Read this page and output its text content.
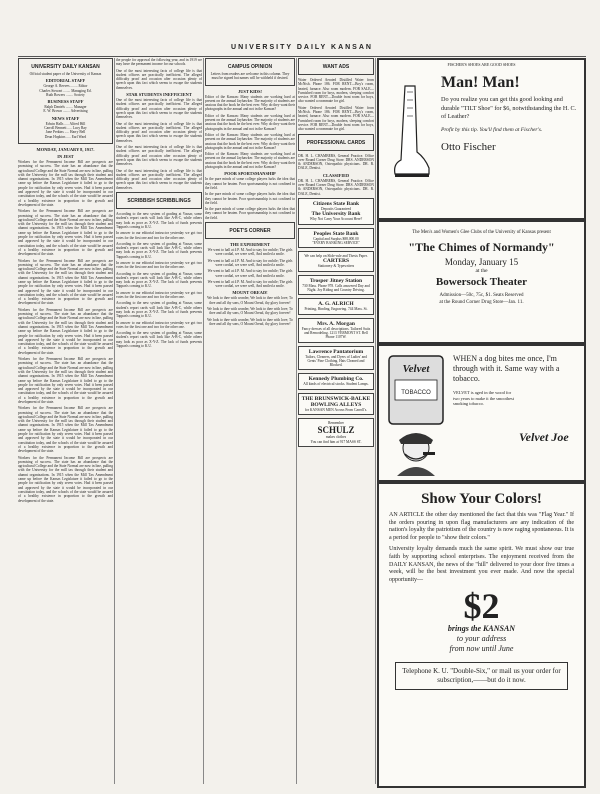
UNIVERSITY DAILY KANSAN
UNIVERSITY DAILY KANSAN

Official student paper of the University of Kansas

EDITORIAL STAFF

George A. Reeves ........ Editor
Charles Stewart ........ Managing Ed.
Ruth Bowers ........ Society

BUSINESS STAFF

Ralph Daniels ........ Manager
E. W. Brown ........ Advertising

NEWS STAFF

Edwin Halls ..... Alfred Hill
Carroll Bennett ..... Lucy Ray
Jane Perkins ..... Harry Bell
Dean Hopkins ..... Earl Ward

MONDAY, JANUARY 8, 1917.
IN JEST

Workers for the Permanent Income Bill are prospects are promising of success. The state has an abundance that the agricultural College and the State Normal are now in line, pulling with the University for the mill tax through their student and alumni organizations. In 1915 when the Mill Tax Amendment came up before the Kansas Legislature it failed to go to the people for ratification by only seven votes. Had it been passed and approved by the state it would be incorporated in our constitution today, and the schools of the state would be assured of a healthy existence in proportion to the growth and development of the state.

Workers for the Permanent Income Bill are prospects are promising of success. The state has an abundance that the agricultural College and the State Normal are now in line, pulling with the University for the mill tax through their student and alumni organizations. In 1915 when the Mill Tax Amendment came up before the Kansas Legislature it failed to go to the people for ratification by only seven votes. Had it been passed and approved by the state it would be incorporated in our constitution today, and the schools of the state would be assured of a healthy existence in proportion to the growth and development of the state.

Workers for the Permanent Income Bill are prospects are promising of success. The state has an abundance that the agricultural College and the State Normal are now in line, pulling with the University for the mill tax through their student and alumni organizations. In 1915 when the Mill Tax Amendment came up before the Kansas Legislature it failed to go to the people for ratification by only seven votes. Had it been passed and approved by the state it would be incorporated in our constitution today, and the schools of the state would be assured of a healthy existence in proportion to the growth and development of the state.

Workers for the Permanent Income Bill are prospects are promising of success. The state has an abundance that the agricultural College and the State Normal are now in line, pulling with the University for the mill tax through their student and alumni organizations. In 1915 when the Mill Tax Amendment came up before the Kansas Legislature it failed to go to the people for ratification by only seven votes. Had it been passed and approved by the state it would be incorporated in our constitution today, and the schools of the state would be assured of a healthy existence in proportion to the growth and development of the state.

Workers for the Permanent Income Bill are prospects are promising of success. The state has an abundance that the agricultural College and the State Normal are now in line, pulling with the University for the mill tax through their student and alumni organizations. In 1915 when the Mill Tax Amendment came up before the Kansas Legislature it failed to go to the people for ratification by only seven votes. Had it been passed and approved by the state it would be incorporated in our constitution today, and the schools of the state would be assured of a healthy existence in proportion to the growth and development of the state.

Workers for the Permanent Income Bill are prospects are promising of success. The state has an abundance that the agricultural College and the State Normal are now in line, pulling with the University for the mill tax through their student and alumni organizations. In 1915 when the Mill Tax Amendment came up before the Kansas Legislature it failed to go to the people for ratification by only seven votes. Had it been passed and approved by the state it would be incorporated in our constitution today, and the schools of the state would be assured of a healthy existence in proportion to the growth and development of the state.

Workers for the Permanent Income Bill are prospects are promising of success. The state has an abundance that the agricultural College and the State Normal are now in line, pulling with the University for the mill tax through their student and alumni organizations. In 1915 when the Mill Tax Amendment came up before the Kansas Legislature it failed to go to the people for ratification by only seven votes. Had it been passed and approved by the state it would be incorporated in our constitution today, and the schools of the state would be assured of a healthy existence in proportion to the growth and development of the state.

the people for approval the following year, and in 1919 we may have the permanent income for our schools.

One of the most interesting facts of college life is that student officers are practically inefficient. The alleged difficulty proof and occasion after occasion plenty of speech upon this fact which seems to escape the students themselves.

STAR STUDENTS INEFFICIENT

One of the most interesting facts of college life is that student officers are practically inefficient. The alleged difficulty proof and occasion after occasion plenty of speech upon this fact which seems to escape the students themselves.

One of the most interesting facts of college life is that student officers are practically inefficient. The alleged difficulty proof and occasion after occasion plenty of speech upon this fact which seems to escape the students themselves.

One of the most interesting facts of college life is that student officers are practically inefficient. The alleged difficulty proof and occasion after occasion plenty of speech upon this fact which seems to escape the students themselves.

One of the most interesting facts of college life is that student officers are practically inefficient. The alleged difficulty proof and occasion after occasion plenty of speech upon this fact which seems to escape the students themselves.

SCRIBBISH SCRIBBLINGS

According to the new system of grading at Vassar, some student's report cards will look like A-B-C, while others may look as poor as X-Y-Z. The lack of funds prevents Tappan's coming to K.U.

In answer to our editorial instructor yesterday we got two votes for the first one and two for the other one.

According to the new system of grading at Vassar, some student's report cards will look like A-B-C, while others may look as poor as X-Y-Z. The lack of funds prevents Tappan's coming to K.U.

In answer to our editorial instructor yesterday we got two votes for the first one and two for the other one.

According to the new system of grading at Vassar, some student's report cards will look like A-B-C, while others may look as poor as X-Y-Z. The lack of funds prevents Tappan's coming to K.U.

In answer to our editorial instructor yesterday we got two votes for the first one and two for the other one.

According to the new system of grading at Vassar, some student's report cards will look like A-B-C, while others may look as poor as X-Y-Z. The lack of funds prevents Tappan's coming to K.U.

In answer to our editorial instructor yesterday we got two votes for the first one and two for the other one.

According to the new system of grading at Vassar, some student's report cards will look like A-B-C, while others may look as poor as X-Y-Z. The lack of funds prevents Tappan's coming to K.U.

CAMPUS OPINION

Letters from readers are welcome in this column. They must be signed but names will be withheld if desired.

JUST KIDS!

Editor of the Kansan: Many students are working hard at present on the annual Jayhawker. The majority of students are anxious that the book be the best ever. Why do they want their photographs in the annual and not in the Kansan?

Editor of the Kansan: Many students are working hard at present on the annual Jayhawker. The majority of students are anxious that the book be the best ever. Why do they want their photographs in the annual and not in the Kansan?

Editor of the Kansan: Many students are working hard at present on the annual Jayhawker. The majority of students are anxious that the book be the best ever. Why do they want their photographs in the annual and not in the Kansan?

Editor of the Kansan: Many students are working hard at present on the annual Jayhawker. The majority of students are anxious that the book be the best ever. Why do they want their photographs in the annual and not in the Kansan?

POOR SPORTSMANSHIP

In the pure minds of some college players lurks the idea that they cannot be beaten. Poor sportsmanship is not confined to the field.

In the pure minds of some college players lurks the idea that they cannot be beaten. Poor sportsmanship is not confined to the field.

In the pure minds of some college players lurks the idea that they cannot be beaten. Poor sportsmanship is not confined to the field.

POET'S CORNER
THE EXPERIMENT

We went to hall at 4 P. M. And to stay for awhile; The girls were cordial, we were well, And smiled a smile.

We went to hall at 4 P. M. And to stay for awhile; The girls were cordial, we were well, And smiled a smile.

We went to hall at 4 P. M. And to stay for awhile; The girls were cordial, we were well, And smiled a smile.

We went to hall at 4 P. M. And to stay for awhile; The girls were cordial, we were well, And smiled a smile.

MOUNT OREAD!

We look to thee with wonder, We look to thee with love; To thee and all thy sons, O Mount Oread, thy glory forever!

We look to thee with wonder, We look to thee with love; To thee and all thy sons, O Mount Oread, thy glory forever!

We look to thee with wonder, We look to thee with love; To thee and all thy sons, O Mount Oread, thy glory forever!

WANT ADS

Water Ordered Aerated Distilled Water from McNish. Phone 186. FOR RENT—Boy's room, heated, furnace. Also room modern. FOR SALE—Furnished room for boys, modern, sleeping comfort service. FOR RENT—Double front room for boys, also wanted a roommate for girl.

Water Ordered Aerated Distilled Water from McNish. Phone 186. FOR RENT—Boy's room, heated, furnace. Also room modern. FOR SALE—Furnished room for boys, modern, sleeping comfort service. FOR RENT—Double front room for boys, also wanted a roommate for girl.

PROFESSIONAL CARDS

DR. H. L. CHAMBERS, General Practice. Office over Round Corner Drug Store. DRS. ANDERSON & ANDERSON, Osteopathic physicians. DR. R. DALE, Dentist.

CLASSIFIED

DR. H. L. CHAMBERS, General Practice. Office over Round Corner Drug Store. DRS. ANDERSON & ANDERSON, Osteopathic physicians. DR. R. DALE, Dentist.

Citizens State Bank
Deposits Guaranteed
The University Bank
Why Not Carry Your Account Here?
Peoples State Bank
Capital and Surplus $88,000.00
"EVERY BANKING SERVICE"
We can help on Slide-rule and Thesis Paper.
CARTERS
Stationery & Typewriters
Trosper Jitney Station
730 Mass. Phone 978. Calls answered Day and Night. Joy Riding and Country Driving.
A. G. ALRICH
Printing, Binding, Engraving. 744 Mass. St.
Mrs. A. Morgan
Fancy dresses of all descriptions. Tailored Suits and Remodeling. 1213 VERMONT ST. Bell Phone 1107W.
Lawrence Pantatorium
Tailors, Cleaners, and Dyers of Ladies' and Gents' Fine Clothing. Hats Cleaned and Blocked.
Kennedy Plumbing Co.
All kinds of electrical stocks. Student Lamps.
THE BRUNSWICK-BALKE BOWLING ALLEYS
for KANSAN MEN Across From Carroll's.
Remember
SCHULZ
makes clothes
You can find him at 917 MASS ST.
FISCHER'S SHOES ARE GOOD SHOES
Man! Man!
Do you realize you can get this good looking and durable "TILT Shoe" for $6, notwithstanding the H. C. of Leather?
Profit by this tip. You'll find them at Fischer's.
Otto Fischer
The Men's and Women's Glee Clubs of the University of Kansas present
"The Chimes of Normandy"
Monday, January 15
at the
Bowersock Theater
Admission—50c, 75c, $1. Seats Reserved
at the Round Corner Drug Store—Jan. 11.
Velvet
TOBACCO
WHEN a dog bites me once, I'm through with it. Same way with a tobacco.
VELVET is aged in the wood for two years to make it the smoothest smoking tobacco.
Velvet Joe
Show Your Colors!
AN ARTICLE the other day mentioned the fact that this was "Flag Year." If the orders pouring in upon flag manufacturers are any indication of the nation's loyalty the patriotism of the country is now raging spontaneous. It is a period for people to "show their colors."
University loyalty demands much the same spirit. We must show our true faith by supporting school enterprises. The enjoyment received from the DAILY KANSAN, the news of the "hill" delivered to your door five times a week, will be the best investment you ever made. And now the special opportunity—
$2
brings the KANSAN
to your address
from now until June
Telephone K. U. "Double-Six," or mail us your order for subscription,——but do it now.
